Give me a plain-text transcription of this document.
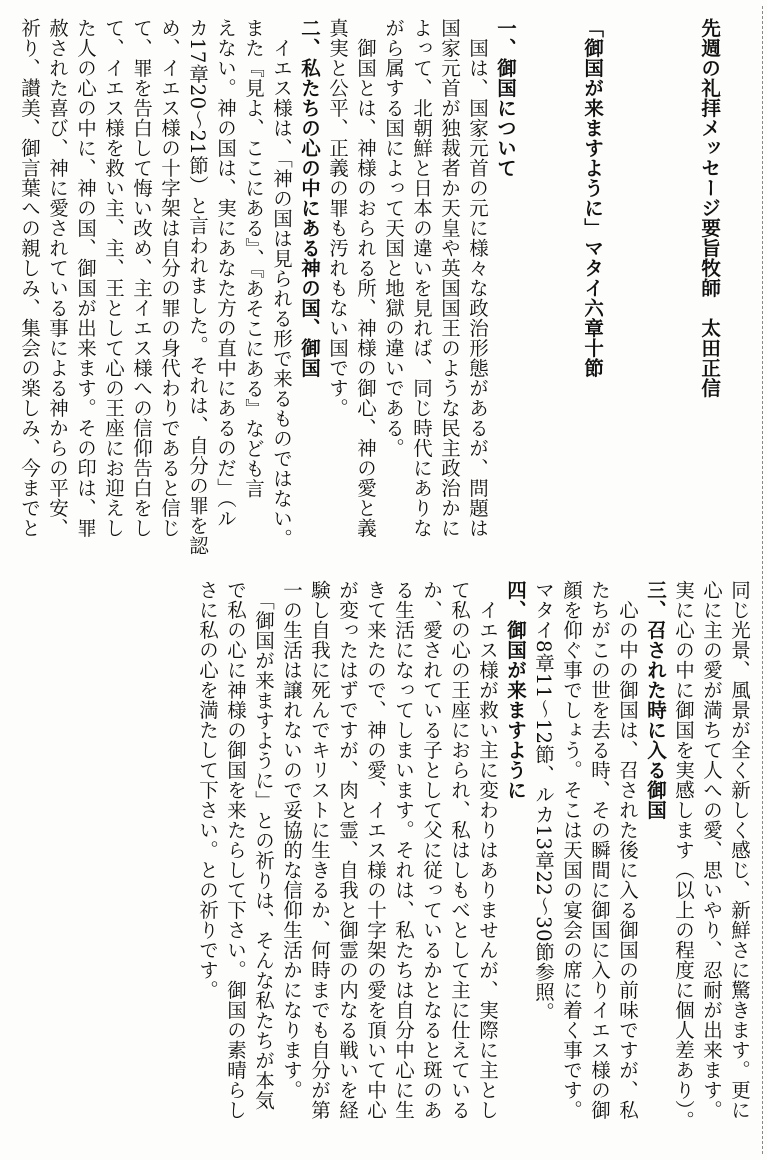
先週の礼拝メッセージ要旨牧師　太田正信
「御国が来ますように」マタイ六章十節
一、御国について
　国は、国家元首の元に様々な政治形態があるが、問題は
国家元首が独裁者か天皇や英国国王のような民主政治かに
よって、北朝鮮と日本の違いを見れば、同じ時代にありな
がら属する国によって天国と地獄の違いである。
　御国とは、神様のおられる所、神様の御心、神の愛と義
真実と公平、正義の罪も汚れもない国です。
二、私たちの心の中にある神の国、御国
　イエス様は、「神の国は見られる形で来るものではない。
また『見よ、ここにある』、『あそこにある』なども言
えない。神の国は、実にあなた方の直中にあるのだ」（ル
カ17章20～21節）と言われました。それは、自分の罪を認
め、イエス様の十字架は自分の罪の身代わりであると信じ
て、罪を告白して悔い改め、主イエス様への信仰告白をし
て、イエス様を救い主、主、王として心の王座にお迎えし
た人の心の中に、神の国、御国が出来ます。その印は、罪
赦された喜び、神に愛されている事による神からの平安、
祈り、讃美、御言葉への親しみ、集会の楽しみ、今までと
同じ光景、風景が全く新しく感じ、新鮮さに驚きます。更に
心に主の愛が満ちて人への愛、思いやり、忍耐が出来ます。
実に心の中に御国を実感します（以上の程度に個人差あり）。
三、召された時に入る御国
　心の中の御国は、召された後に入る御国の前味ですが、私
たちがこの世を去る時、その瞬間に御国に入りイエス様の御
顔を仰ぐ事でしょう。そこは天国の宴会の席に着く事です。
マタイ8章11～12節、ルカ13章22～30節参照。
四、御国が来ますように
　イエス様が救い主に変わりはありませんが、実際に主とし
て私の心の王座におられ、私はしもべとして主に仕えている
か、愛されている子として父に従っているかとなると斑のあ
る生活になってしまいます。それは、私たちは自分中心に生
きて来たので、神の愛、イエス様の十字架の愛を頂いて中心
が変ったはずですが、肉と霊、自我と御霊の内なる戦いを経
験し自我に死んでキリストに生きるか、何時までも自分が第
一の生活は譲れないので妥協的な信仰生活かになります。
　「御国が来ますように」との祈りは、そんな私たちが本気
で私の心に神様の御国を来たらして下さい。御国の素晴らし
さに私の心を満たして下さい。との祈りです。
